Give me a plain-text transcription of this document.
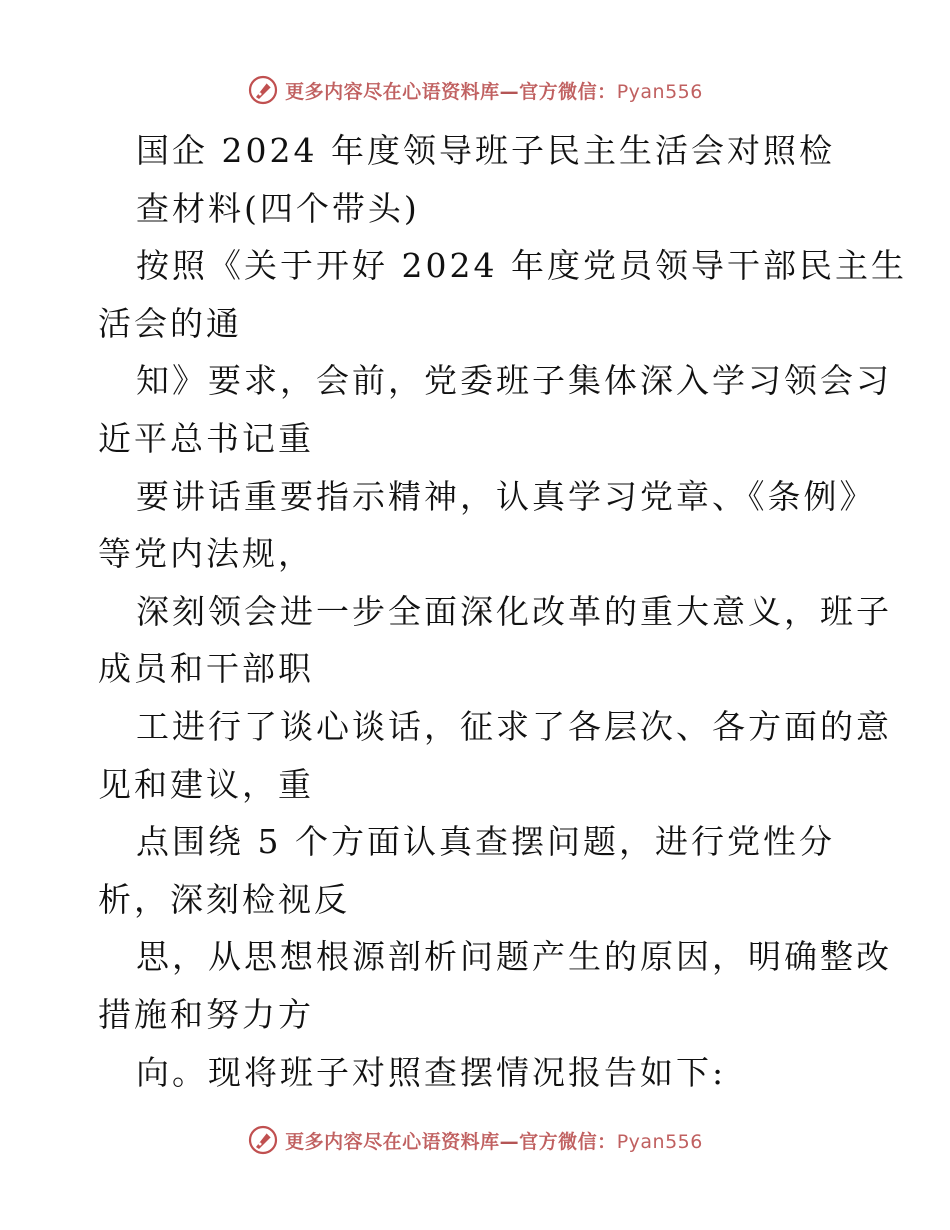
更多内容尽在心语资料库—官方微信：Pyan556
国企 2024 年度领导班子民主生活会对照检
查材料(四个带头)
按照《关于开好 2024 年度党员领导干部民主生
活会的通
知》要求，会前，党委班子集体深入学习领会习
近平总书记重
要讲话重要指示精神，认真学习党章、《条例》
等党内法规，
深刻领会进一步全面深化改革的重大意义，班子
成员和干部职
工进行了谈心谈话，征求了各层次、各方面的意
见和建议，重
点围绕 5 个方面认真查摆问题，进行党性分
析，深刻检视反
思，从思想根源剖析问题产生的原因，明确整改
措施和努力方
向。现将班子对照查摆情况报告如下:
更多内容尽在心语资料库—官方微信：Pyan556
